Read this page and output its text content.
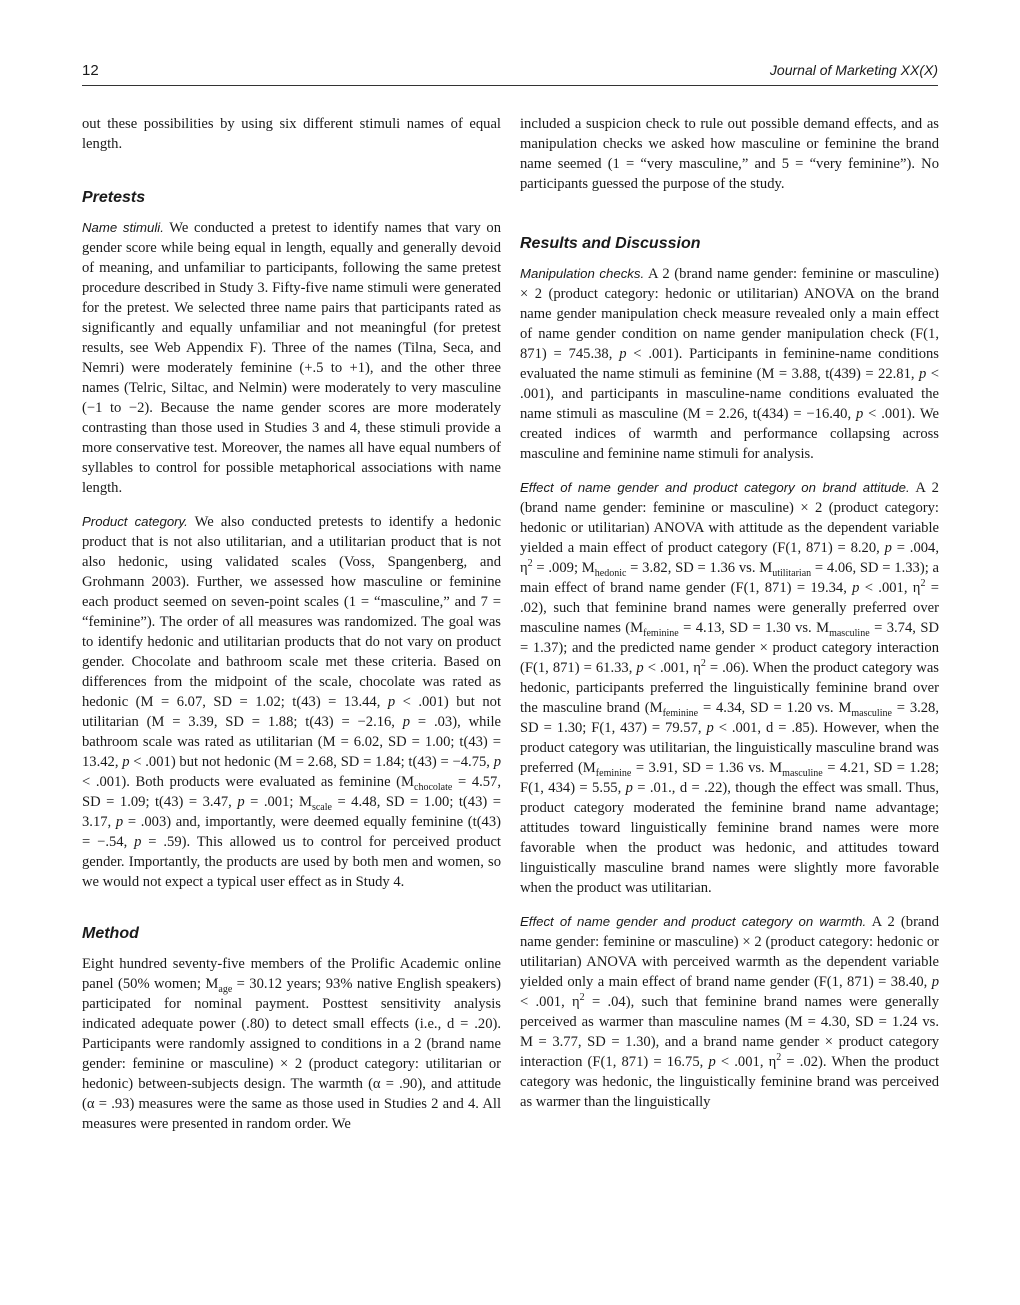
12	Journal of Marketing XX(X)

out these possibilities by using six different stimuli names of equal length.

Pretests

Name stimuli. We conducted a pretest to identify names that vary on gender score while being equal in length, equally and generally devoid of meaning, and unfamiliar to participants, following the same pretest procedure described in Study 3. Fifty-five name stimuli were generated for the pretest. We selected three name pairs that participants rated as significantly and equally unfamiliar and not meaningful (for pretest results, see Web Appendix F). Three of the names (Tilna, Seca, and Nemri) were moderately feminine (+.5 to +1), and the other three names (Telric, Siltac, and Nelmin) were moderately to very masculine (−1 to −2). Because the name gender scores are more moderately contrasting than those used in Studies 3 and 4, these stimuli provide a more conservative test. Moreover, the names all have equal numbers of syllables to control for possible metaphorical associations with name length.

Product category. We also conducted pretests to identify a hedonic product that is not also utilitarian, and a utilitarian product that is not also hedonic, using validated scales (Voss, Spangenberg, and Grohmann 2003). Further, we assessed how masculine or feminine each product seemed on seven-point scales (1 = “masculine,” and 7 = “feminine”). The order of all measures was randomized. The goal was to identify hedonic and utilitarian products that do not vary on product gender. Chocolate and bathroom scale met these criteria. Based on differences from the midpoint of the scale, chocolate was rated as hedonic (M = 6.07, SD = 1.02; t(43) = 13.44, p < .001) but not utilitarian (M = 3.39, SD = 1.88; t(43) = −2.16, p = .03), while bathroom scale was rated as utilitarian (M = 6.02, SD = 1.00; t(43) = 13.42, p < .001) but not hedonic (M = 2.68, SD = 1.84; t(43) = −4.75, p < .001). Both products were evaluated as feminine ($M_{chocolate} = 4.57$, SD = 1.09; t(43) = 3.47, p = .001; $M_{scale} = 4.48$, SD = 1.00; t(43) = 3.17, p = .003) and, importantly, were deemed equally feminine (t(43) = −.54, p = .59). This allowed us to control for perceived product gender. Importantly, the products are used by both men and women, so we would not expect a typical user effect as in Study 4.

Method

Eight hundred seventy-five members of the Prolific Academic online panel (50% women; $M_{age} = 30.12$ years; 93% native English speakers) participated for nominal payment. Posttest sensitivity analysis indicated adequate power (.80) to detect small effects (i.e., d = .20). Participants were randomly assigned to conditions in a 2 (brand name gender: feminine or masculine) × 2 (product category: utilitarian or hedonic) between-subjects design. The warmth (α = .90), and attitude (α = .93) measures were the same as those used in Studies 2 and 4. All measures were presented in random order. We

included a suspicion check to rule out possible demand effects, and as manipulation checks we asked how masculine or feminine the brand name seemed (1 = “very masculine,” and 5 = “very feminine”). No participants guessed the purpose of the study.

Results and Discussion

Manipulation checks. A 2 (brand name gender: feminine or masculine) × 2 (product category: hedonic or utilitarian) ANOVA on the brand name gender manipulation check measure revealed only a main effect of name gender condition on name gender manipulation check (F(1, 871) = 745.38, p < .001). Participants in feminine-name conditions evaluated the name stimuli as feminine (M = 3.88, t(439) = 22.81, p < .001), and participants in masculine-name conditions evaluated the name stimuli as masculine (M = 2.26, t(434) = −16.40, p < .001). We created indices of warmth and performance collapsing across masculine and feminine name stimuli for analysis.

Effect of name gender and product category on brand attitude. A 2 (brand name gender: feminine or masculine) × 2 (product category: hedonic or utilitarian) ANOVA with attitude as the dependent variable yielded a main effect of product category (F(1, 871) = 8.20, p = .004, $\eta^2 = .009$; $M_{hedonic} = 3.82$, SD = 1.36 vs. $M_{utilitarian} = 4.06$, SD = 1.33); a main effect of brand name gender (F(1, 871) = 19.34, p < .001, $\eta^2 = .02$), such that feminine brand names were generally preferred over masculine names ($M_{feminine} = 4.13$, SD = 1.30 vs. $M_{masculine} = 3.74$, SD = 1.37); and the predicted name gender × product category interaction (F(1, 871) = 61.33, p < .001, $\eta^2 = .06$). When the product category was hedonic, participants preferred the linguistically feminine brand over the masculine brand ($M_{feminine} = 4.34$, SD = 1.20 vs. $M_{masculine} = 3.28$, SD = 1.30; F(1, 437) = 79.57, p < .001, d = .85). However, when the product category was utilitarian, the linguistically masculine brand was preferred ($M_{feminine} = 3.91$, SD = 1.36 vs. $M_{masculine} = 4.21$, SD = 1.28; F(1, 434) = 5.55, p = .01., d = .22), though the effect was small. Thus, product category moderated the feminine brand name advantage; attitudes toward linguistically feminine brand names were more favorable when the product was hedonic, and attitudes toward linguistically masculine brand names were slightly more favorable when the product was utilitarian.

Effect of name gender and product category on warmth. A 2 (brand name gender: feminine or masculine) × 2 (product category: hedonic or utilitarian) ANOVA with perceived warmth as the dependent variable yielded only a main effect of brand name gender (F(1, 871) = 38.40, p < .001, $\eta^2 = .04$), such that feminine brand names were generally perceived as warmer than masculine names (M = 4.30, SD = 1.24 vs. M = 3.77, SD = 1.30), and a brand name gender × product category interaction (F(1, 871) = 16.75, p < .001, $\eta^2 = .02$). When the product category was hedonic, the linguistically feminine brand was perceived as warmer than the linguistically
